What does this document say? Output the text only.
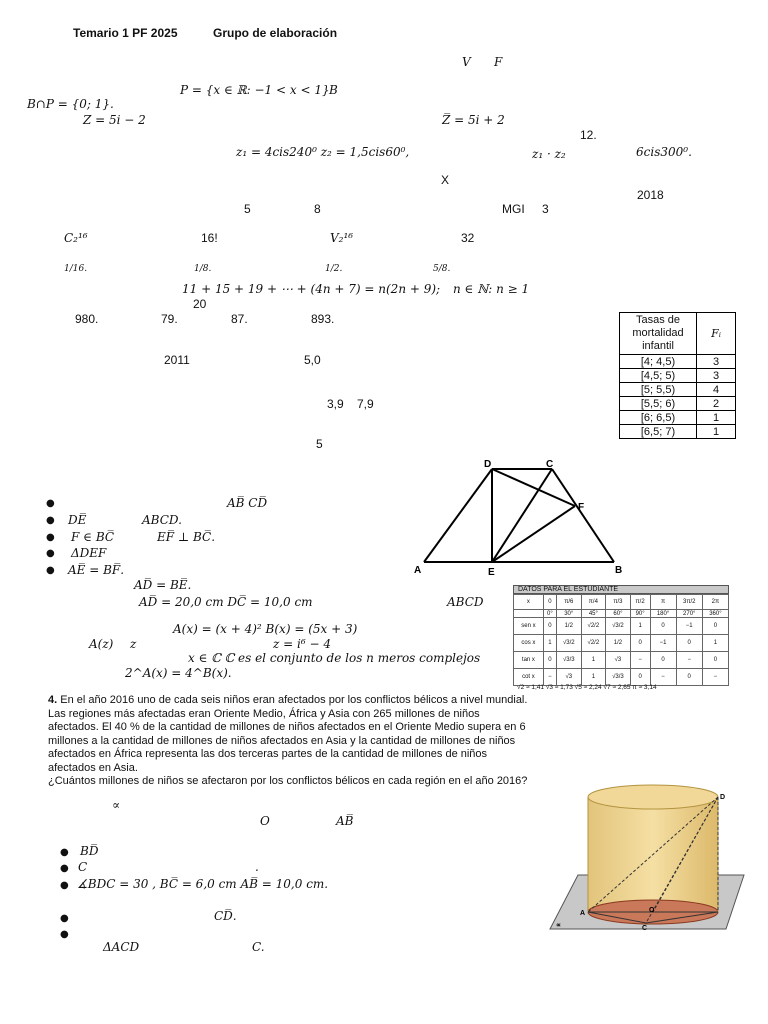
Temario 1 PF 2025	Grupo de elaboración
V F
P = {x ∈ ℝ: −1 < x < 1} B
B∩P = {0; 1}.
Z = 5i − 2	Z̅ = 5i + 2
12.
z₁ = 4cis240⁰ z₂ = 1,5cis60⁰,	z₁ · z₂	6cis300⁰.
X
2018
5	8	MGI 3
C₂¹⁶	16!	V₂¹⁶	32
1/16.	1/8.	1/2.	5/8.
11 + 15 + 19 + ⋯ + (4n + 7) = n(2n + 9); n ∈ ℕ: n ≥ 1
20
980.	79.	87.	893.
2011	5,0
3,9 7,9
5
Tasas de mortalidad infantil	Fᵢ
[4; 4,5)	3
[4,5; 5)	3
[5; 5,5)	4
[5,5; 6)	2
[6; 6,5)	1
[6,5; 7)	1
A	B
C
D
E
F
●	AB̅ CD̅
● DE̅	ABCD.
● F ∈ BC̅	EF̅ ⊥ BC̅.
● ΔDEF
● AE̅ = BF̅.
AD̅ = BE̅.
AD̅ = 20,0 cm DC̅ = 10,0 cm	ABCD
A(x) = (x + 4)² B(x) = (5x + 3)
A(z) z	z = i⁶ − 4
x ∈ ℂ ℂ es el conjunto de los n meros complejos
2^A(x) = 4^B(x).
DATOS PARA EL ESTUDIANTE
x	0	π/6	π/4	π/3	π/2	π	3π/2	2π
	0°	30°	45°	60°	90°	180°	270°	360°
sen x	0	1/2	√2/2	√3/2	1	0	−1	0
cos x	1	√3/2	√2/2	1/2	0	−1	0	1
tan x	0	√3/3	1	√3	−	0	−	0
cot x	−	√3	1	√3/3	0	−	0	−
√2 ≈ 1,41 √3 ≈ 1,73 √5 ≈ 2,24 √7 ≈ 2,65 π ≈ 3,14
4. En el año 2016 uno de cada seis niños eran afectados por los conflictos bélicos a nivel mundial.
Las regiones más afectadas eran Oriente Medio, África y Asia con 265 millones de niños
afectados. El 40 % de la cantidad de millones de niños afectados en el Oriente Medio supera en 6
millones a la cantidad de millones de niños afectados en Asia y la cantidad de millones de niños
afectados en África representa las dos terceras partes de la cantidad de millones de niños
afectados en Asia.
¿Cuántos millones de niños se afectaron por los conflictos bélicos en cada región en el año 2016?
∝
O	AB̅
● BD̅
● C	.
● ∡BDC = 30 , BC̅ = 6,0 cm AB̅ = 10,0 cm.
●	CD̅.
●
ΔACD	C.
D
A	O
C
∝
